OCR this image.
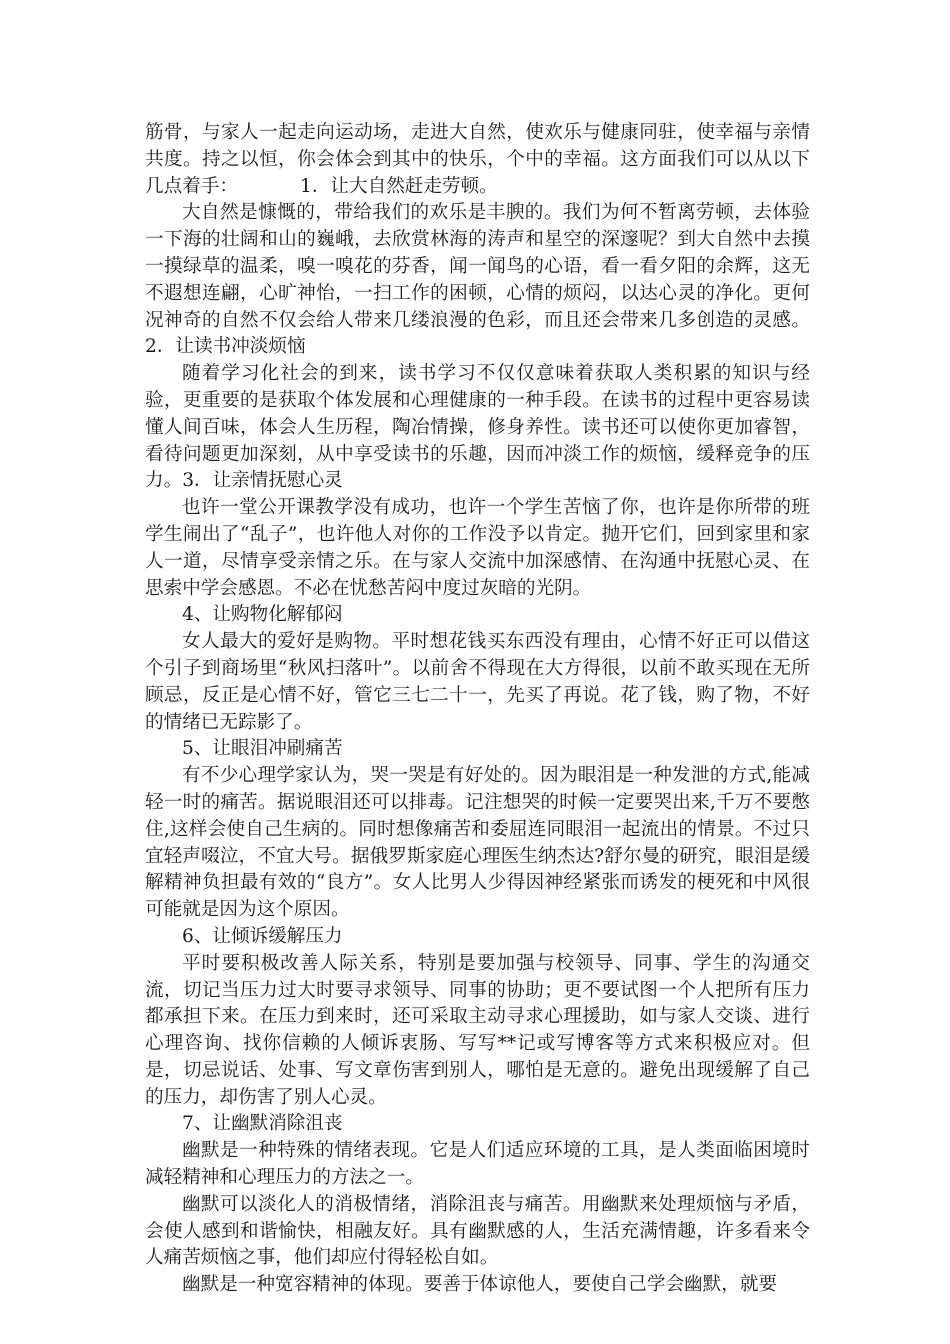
筋骨，与家人一起走向运动场，走进大自然，使欢乐与健康同驻，使幸福与亲情共度。持之以恒，你会体会到其中的快乐，个中的幸福。这方面我们可以从以下几点着手：	1．让大自然赶走劳顿。

大自然是慷慨的，带给我们的欢乐是丰腴的。我们为何不暂离劳顿，去体验一下海的壮阔和山的巍峨，去欣赏林海的涛声和星空的深邃呢？到大自然中去摸一摸绿草的温柔，嗅一嗅花的芬香，闻一闻鸟的心语，看一看夕阳的余辉，这无不遐想连翩，心旷神怡，一扫工作的困顿，心情的烦闷，以达心灵的净化。更何况神奇的自然不仅会给人带来几缕浪漫的色彩，而且还会带来几多创造的灵感。2．让读书冲淡烦恼

随着学习化社会的到来，读书学习不仅仅意味着获取人类积累的知识与经验，更重要的是获取个体发展和心理健康的一种手段。在读书的过程中更容易读懂人间百味，体会人生历程，陶冶情操，修身养性。读书还可以使你更加睿智，看待问题更加深刻，从中享受读书的乐趣，因而冲淡工作的烦恼，缓释竞争的压力。3．让亲情抚慰心灵

也许一堂公开课教学没有成功，也许一个学生苦恼了你，也许是你所带的班学生闹出了“乱子”，也许他人对你的工作没予以肯定。抛开它们，回到家里和家人一道，尽情享受亲情之乐。在与家人交流中加深感情、在沟通中抚慰心灵、在思索中学会感恩。不必在忧愁苦闷中度过灰暗的光阴。

4、让购物化解郁闷

女人最大的爱好是购物。平时想花钱买东西没有理由，心情不好正可以借这个引子到商场里“秋风扫落叶”。以前舍不得现在大方得很，以前不敢买现在无所顾忌，反正是心情不好，管它三七二十一，先买了再说。花了钱，购了物，不好的情绪已无踪影了。

5、让眼泪冲刷痛苦

有不少心理学家认为，哭一哭是有好处的。因为眼泪是一种发泄的方式,能减轻一时的痛苦。据说眼泪还可以排毒。记注想哭的时候一定要哭出来,千万不要憋住,这样会使自己生病的。同时想像痛苦和委屈连同眼泪一起流出的情景。不过只宜轻声啜泣，不宜大号。据俄罗斯家庭心理医生纳杰达?舒尔曼的研究，眼泪是缓解精神负担最有效的“良方”。女人比男人少得因神经紧张而诱发的梗死和中风很可能就是因为这个原因。

6、让倾诉缓解压力

平时要积极改善人际关系，特别是要加强与校领导、同事、学生的沟通交流，切记当压力过大时要寻求领导、同事的协助；更不要试图一个人把所有压力都承担下来。在压力到来时，还可采取主动寻求心理援助，如与家人交谈、进行心理咨询、找你信赖的人倾诉衷肠、写写**记或写博客等方式来积极应对。但是，切忌说话、处事、写文章伤害到别人，哪怕是无意的。避免出现缓解了自己的压力，却伤害了别人心灵。

7、让幽默消除沮丧

幽默是一种特殊的情绪表现。它是人们适应环境的工具，是人类面临困境时减轻精神和心理压力的方法之一。

幽默可以淡化人的消极情绪，消除沮丧与痛苦。用幽默来处理烦恼与矛盾，会使人感到和谐愉快，相融友好。具有幽默感的人，生活充满情趣，许多看来令人痛苦烦恼之事，他们却应付得轻松自如。

幽默是一种宽容精神的体现。要善于体谅他人，要使自己学会幽默，就要
